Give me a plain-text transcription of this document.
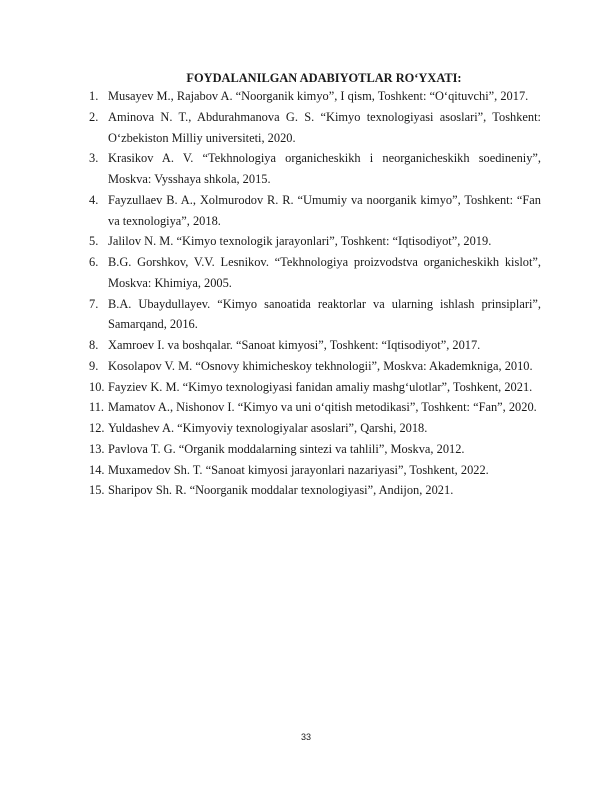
FOYDALANILGAN ADABIYOTLAR RO‘YXATI:
1. Musayev M., Rajabov A. “Noorganik kimyo”, I qism, Toshkent: “O‘qituvchi”, 2017.
2. Aminova N. T., Abdurahmanova G. S. “Kimyo texnologiyasi asoslari”, Toshkent: O‘zbekiston Milliy universiteti, 2020.
3. Krasikov A. V. “Tekhnologiya organicheskikh i neorganicheskikh soedineniy”, Moskva: Vysshaya shkola, 2015.
4. Fayzullaev B. A., Xolmurodov R. R. “Umumiy va noorganik kimyo”, Toshkent: “Fan va texnologiya”, 2018.
5. Jalilov N. M. “Kimyo texnologik jarayonlari”, Toshkent: “Iqtisodiyot”, 2019.
6. B.G. Gorshkov, V.V. Lesnikov. “Tekhnologiya proizvodstva organicheskikh kislot”, Moskva: Khimiya, 2005.
7. B.A. Ubaydullayev. “Kimyo sanoatida reaktorlar va ularning ishlash prinsiplari”, Samarqand, 2016.
8. Xamroev I. va boshqalar. “Sanoat kimyosi”, Toshkent: “Iqtisodiyot”, 2017.
9. Kosolapov V. M. “Osnovy khimicheskoy tekhnologii”, Moskva: Akademkniga, 2010.
10. Fayziev K. M. “Kimyo texnologiyasi fanidan amaliy mashg‘ulotlar”, Toshkent, 2021.
11. Mamatov A., Nishonov I. “Kimyo va uni o‘qitish metodikasi”, Toshkent: “Fan”, 2020.
12. Yuldashev A. “Kimyoviy texnologiyalar asoslari”, Qarshi, 2018.
13. Pavlova T. G. “Organik moddalarning sintezi va tahlili”, Moskva, 2012.
14. Muxamedov Sh. T. “Sanoat kimyosi jarayonlari nazariyasi”, Toshkent, 2022.
15. Sharipov Sh. R. “Noorganik moddalar texnologiyasi”, Andijon, 2021.
33
